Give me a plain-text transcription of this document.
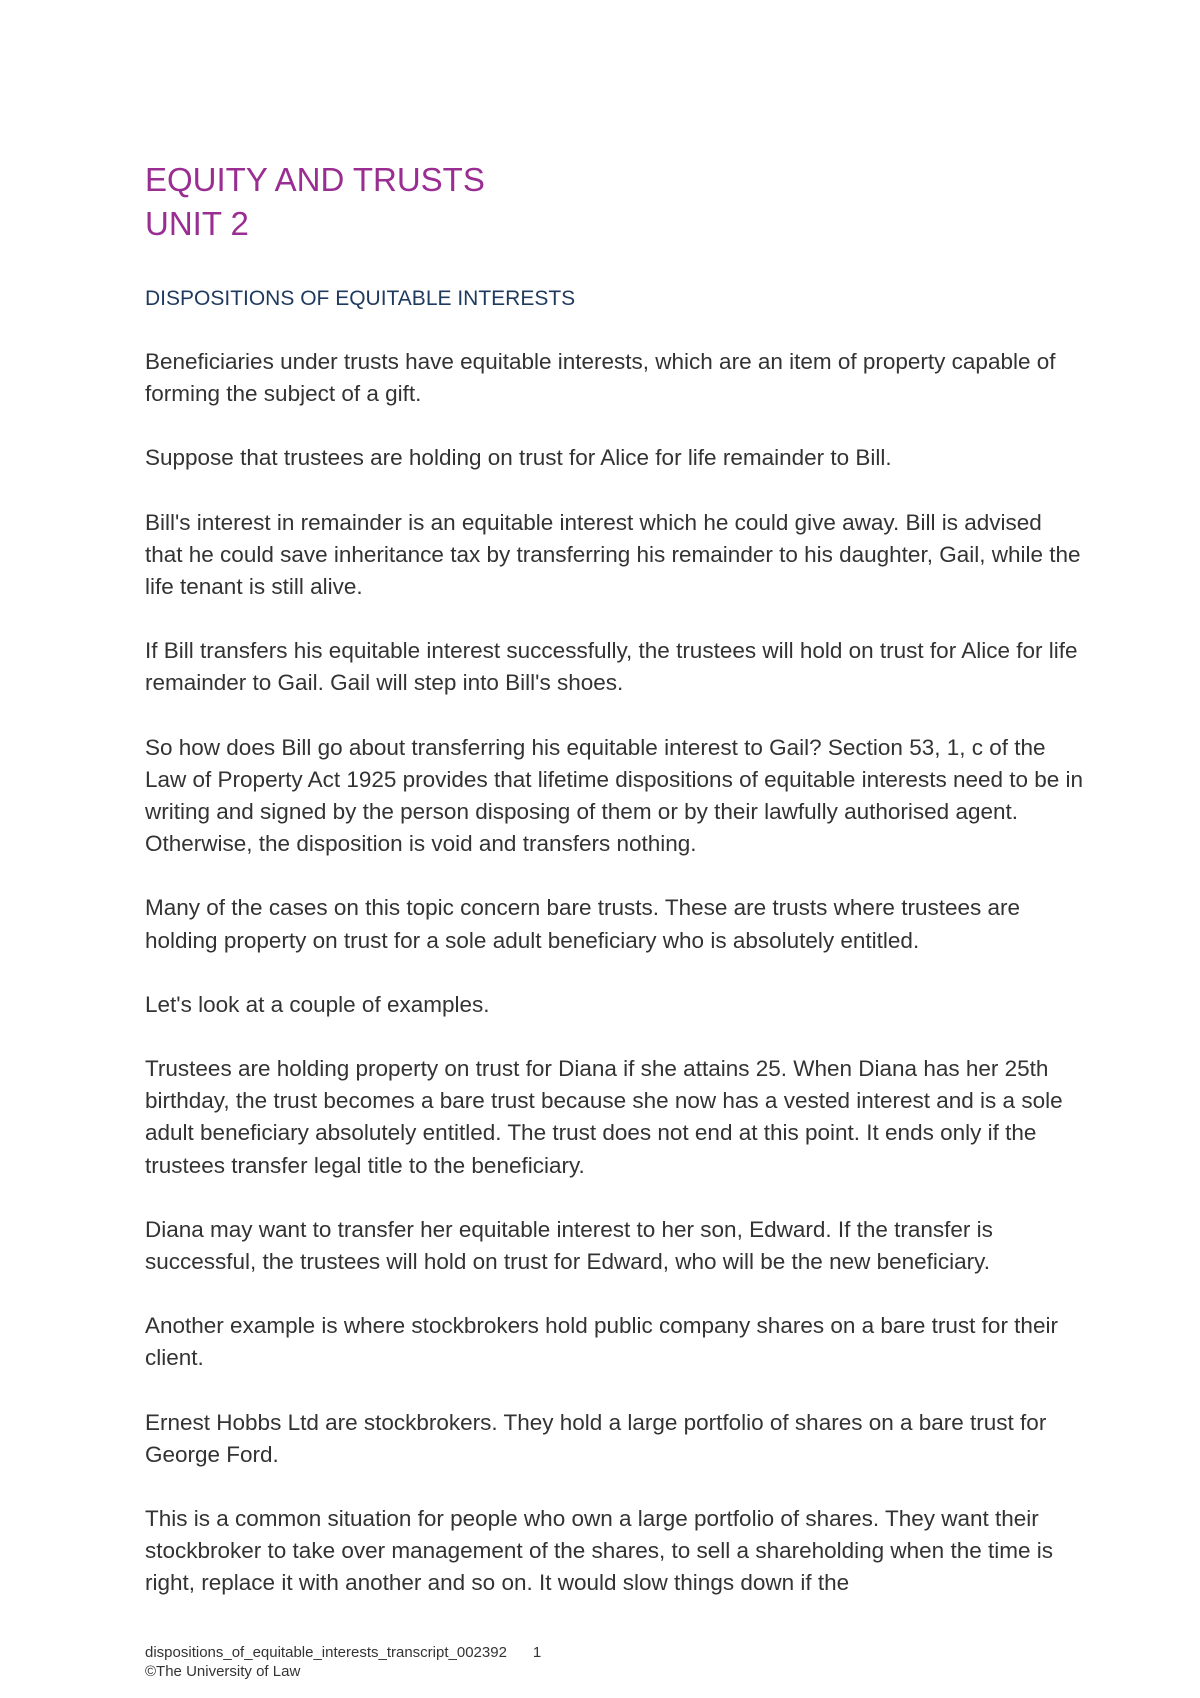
EQUITY AND TRUSTS
UNIT 2
DISPOSITIONS OF EQUITABLE INTERESTS

Beneficiaries under trusts have equitable interests, which are an item of property capable of forming the subject of a gift.

Suppose that trustees are holding on trust for Alice for life remainder to Bill.

Bill's interest in remainder is an equitable interest which he could give away. Bill is advised that he could save inheritance tax by transferring his remainder to his daughter, Gail, while the life tenant is still alive.

If Bill transfers his equitable interest successfully, the trustees will hold on trust for Alice for life remainder to Gail. Gail will step into Bill's shoes.

So how does Bill go about transferring his equitable interest to Gail? Section 53, 1, c of the Law of Property Act 1925 provides that lifetime dispositions of equitable interests need to be in writing and signed by the person disposing of them or by their lawfully authorised agent. Otherwise, the disposition is void and transfers nothing.

Many of the cases on this topic concern bare trusts. These are trusts where trustees are holding property on trust for a sole adult beneficiary who is absolutely entitled.

Let's look at a couple of examples.

Trustees are holding property on trust for Diana if she attains 25. When Diana has her 25th birthday, the trust becomes a bare trust because she now has a vested interest and is a sole adult beneficiary absolutely entitled. The trust does not end at this point. It ends only if the trustees transfer legal title to the beneficiary.

Diana may want to transfer her equitable interest to her son, Edward. If the transfer is successful, the trustees will hold on trust for Edward, who will be the new beneficiary.

Another example is where stockbrokers hold public company shares on a bare trust for their client.

Ernest Hobbs Ltd are stockbrokers. They hold a large portfolio of shares on a bare trust for George Ford.

This is a common situation for people who own a large portfolio of shares. They want their stockbroker to take over management of the shares, to sell a shareholding when the time is right, replace it with another and so on. It would slow things down if the

dispositions_of_equitable_interests_transcript_002392 1
©The University of Law
